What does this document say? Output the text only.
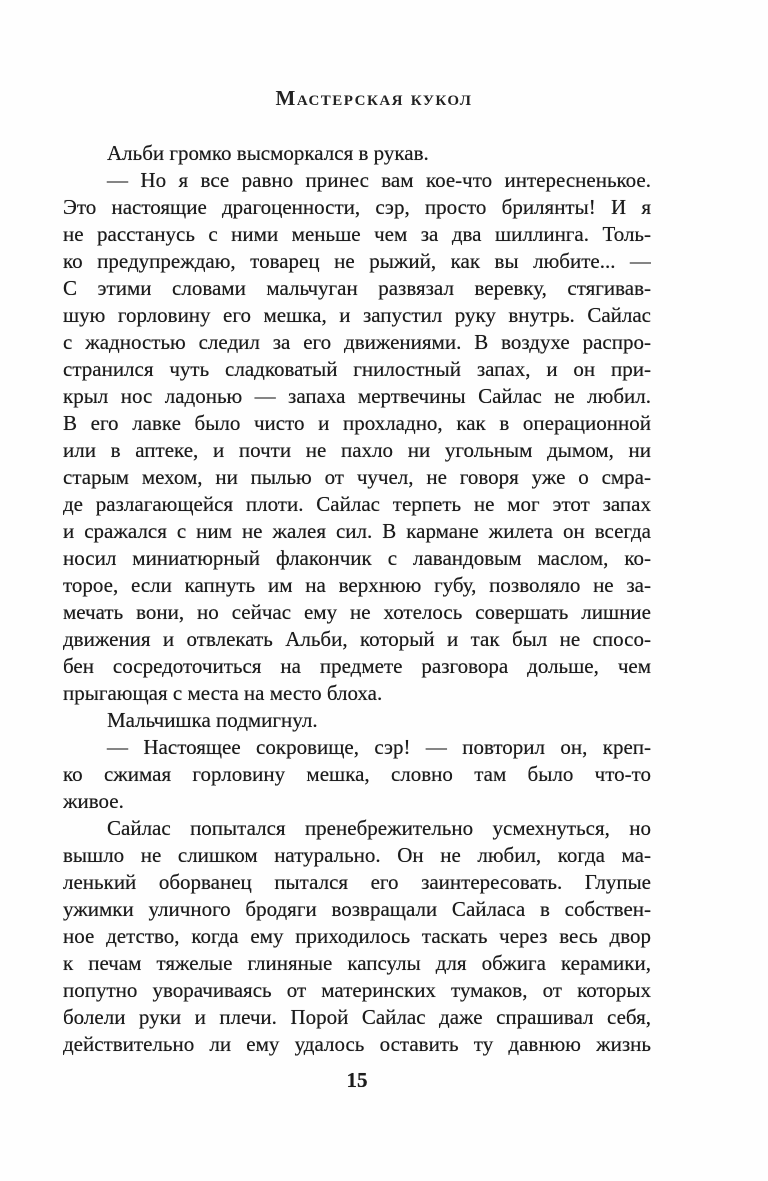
Мастерская кукол
Альби громко высморкался в рукав.
— Но я все равно принес вам кое-что интересненькое.
Это настоящие драгоценности, сэр, просто брилянты! И я
не расстанусь с ними меньше чем за два шиллинга. Толь-
ко предупреждаю, товарец не рыжий, как вы любите... —
С этими словами мальчуган развязал веревку, стягивав-
шую горловину его мешка, и запустил руку внутрь. Сайлас
с жадностью следил за его движениями. В воздухе распро-
странился чуть сладковатый гнилостный запах, и он при-
крыл нос ладонью — запаха мертвечины Сайлас не любил.
В его лавке было чисто и прохладно, как в операционной
или в аптеке, и почти не пахло ни угольным дымом, ни
старым мехом, ни пылью от чучел, не говоря уже о смра-
де разлагающейся плоти. Сайлас терпеть не мог этот запах
и сражался с ним не жалея сил. В кармане жилета он всегда
носил миниатюрный флакончик с лавандовым маслом, ко-
торое, если капнуть им на верхнюю губу, позволяло не за-
мечать вони, но сейчас ему не хотелось совершать лишние
движения и отвлекать Альби, который и так был не спосо-
бен сосредоточиться на предмете разговора дольше, чем
прыгающая с места на место блоха.
Мальчишка подмигнул.
— Настоящее сокровище, сэр! — повторил он, креп-
ко сжимая горловину мешка, словно там было что-то
живое.
Сайлас попытался пренебрежительно усмехнуться, но
вышло не слишком натурально. Он не любил, когда ма-
ленький оборванец пытался его заинтересовать. Глупые
ужимки уличного бродяги возвращали Сайласа в собствен-
ное детство, когда ему приходилось таскать через весь двор
к печам тяжелые глиняные капсулы для обжига керамики,
попутно уворачиваясь от материнских тумаков, от которых
болели руки и плечи. Порой Сайлас даже спрашивал себя,
действительно ли ему удалось оставить ту давнюю жизнь
15
